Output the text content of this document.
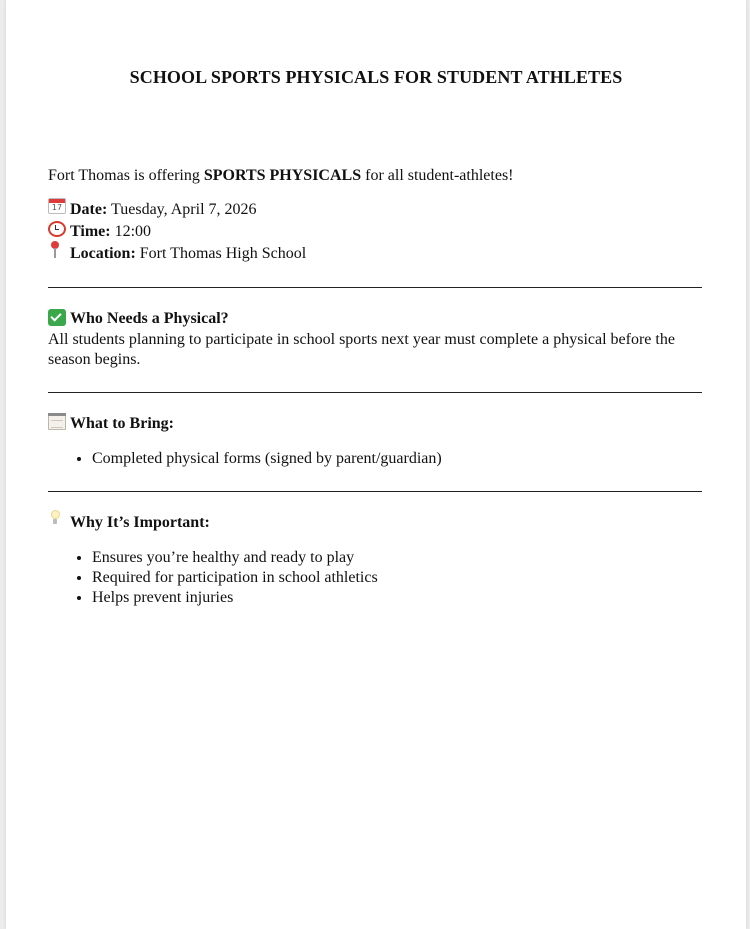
SCHOOL SPORTS PHYSICALS FOR STUDENT ATHLETES

Fort Thomas is offering SPORTS PHYSICALS for all student-athletes!

17 Date: Tuesday, April 7, 2026
Time: 12:00
Location: Fort Thomas High School
Who Needs a Physical?

All students planning to participate in school sports next year must complete a physical before the season begins.

What to Bring:
• Completed physical forms (signed by parent/guardian)
Why It’s Important:
• Ensures you’re healthy and ready to play
• Required for participation in school athletics
• Helps prevent injuries
